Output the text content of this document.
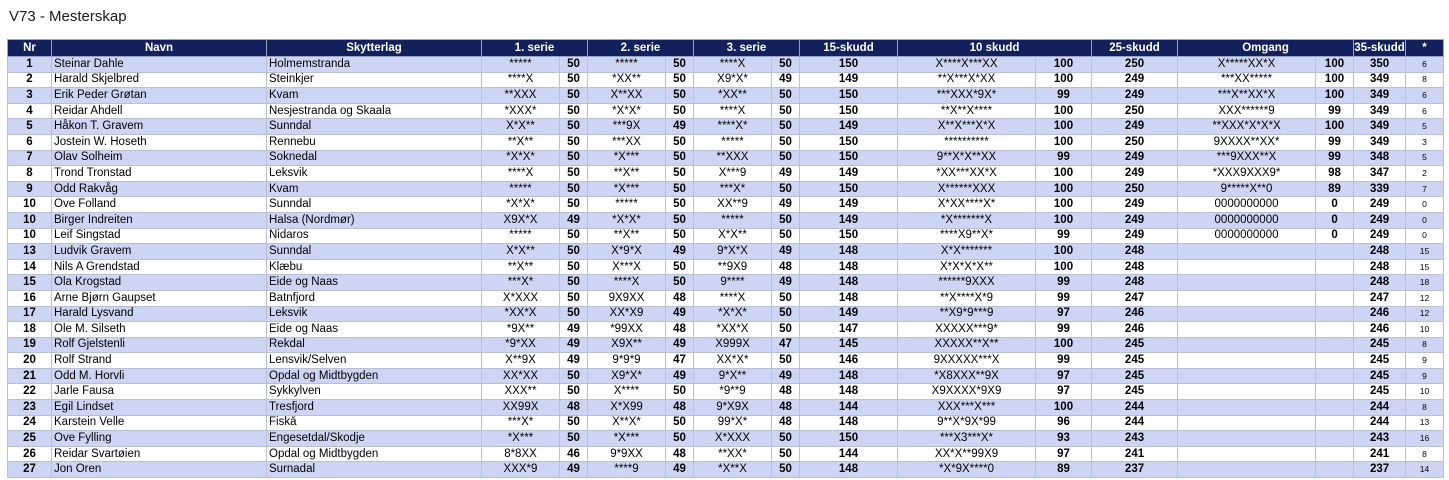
V73 - Mesterskap
Nr	Navn	Skytterlag	1. serie		2. serie		3. serie		15-skudd	10 skudd		25-skudd	Omgang		35-skudd	*
1	Steinar Dahle	Holmemstranda	*****	50	*****	50	****X	50	150	X****X***XX	100	250	X*****XX*X	100	350	6
2	Harald Skjelbred	Steinkjer	****X	50	*XX**	50	X9*X*	49	149	**X***X*XX	100	249	***XX*****	100	349	8
3	Erik Peder Grøtan	Kvam	**XXX	50	X**XX	50	*XX**	50	150	***XXX*9X*	99	249	***X**XX*X	100	349	6
4	Reidar Ahdell	Nesjestranda og Skaala	*XXX*	50	*X*X*	50	****X	50	150	**X**X****	100	250	XXX******9	99	349	6
5	Håkon T. Gravem	Sunndal	X*X**	50	***9X	49	****X*	50	149	X**X***X*X	100	249	**XXX*X*X*X	100	349	5
6	Jostein W. Hoseth	Rennebu	**X**	50	***XX	50	*****	50	150	**********	100	250	9XXXX**XX*	99	349	3
7	Olav Solheim	Soknedal	*X*X*	50	*X***	50	**XXX	50	150	9**X*X**XX	99	249	***9XXX**X	99	348	5
8	Trond Tronstad	Leksvik	****X	50	**X**	50	X***9	49	149	*XX***XX*X	100	249	*XXX9XXX9*	98	347	2
9	Odd Rakvåg	Kvam	*****	50	*X***	50	***X*	50	150	X******XXX	100	250	9*****X**0	89	339	7
10	Ove Folland	Sunndal	*X*X*	50	*****	50	XX**9	49	149	X*XX****X*	100	249	0000000000	0	249	0
10	Birger Indreiten	Halsa (Nordmør)	X9X*X	49	*X*X*	50	*****	50	149	*X*******X	100	249	0000000000	0	249	0
10	Leif Singstad	Nidaros	*****	50	**X**	50	X*X**	50	150	****X9**X*	99	249	0000000000	0	249	0
13	Ludvik Gravem	Sunndal	X*X**	50	X*9*X	49	9*X*X	49	148	X*X*******	100	248			248	15
14	Nils A Grendstad	Klæbu	**X**	50	X***X	50	**9X9	48	148	X*X*X*X**	100	248			248	15
15	Ola Krogstad	Eide og Naas	***X*	50	****X	50	9****	49	148	******9XXX	99	248			248	18
16	Arne Bjørn Gaupset	Batnfjord	X*XXX	50	9X9XX	48	****X	50	148	**X****X*9	99	247			247	12
17	Harald Lysvand	Leksvik	*XX*X	50	XX*X9	49	*X*X*	50	149	**X9*9***9	97	246			246	12
18	Ole M. Silseth	Eide og Naas	*9X**	49	*99XX	48	*XX*X	50	147	XXXXX***9*	99	246			246	10
19	Rolf Gjelstenli	Rekdal	*9*XX	49	X9X**	49	X999X	47	145	XXXXX**X**	100	245			245	8
20	Rolf Strand	Lensvik/Selven	X**9X	49	9*9*9	47	XX*X*	50	146	9XXXXX***X	99	245			245	9
21	Odd M. Horvli	Opdal og Midtbygden	XX*XX	50	X9*X*	49	9*X**	49	148	*X8XXX**9X	97	245			245	9
22	Jarle Fausa	Sykkylven	XXX**	50	X****	50	*9**9	48	148	X9XXXX*9X9	97	245			245	10
23	Egil Lindset	Tresfjord	XX99X	48	X*X99	48	9*X9X	48	144	XXX***X***	100	244			244	8
24	Karstein Velle	Fiskå	***X*	50	X**X*	50	99*X*	48	148	9**X*9X*99	96	244			244	13
25	Ove Fylling	Engesetdal/Skodje	*X***	50	*X***	50	X*XXX	50	150	***X3***X*	93	243			243	16
26	Reidar Svartøien	Opdal og Midtbygden	8*8XX	46	9*9XX	48	**XX*	50	144	XX*X**99X9	97	241			241	8
27	Jon Oren	Surnadal	XXX*9	49	****9	49	*X**X	50	148	*X*9X****0	89	237			237	14
